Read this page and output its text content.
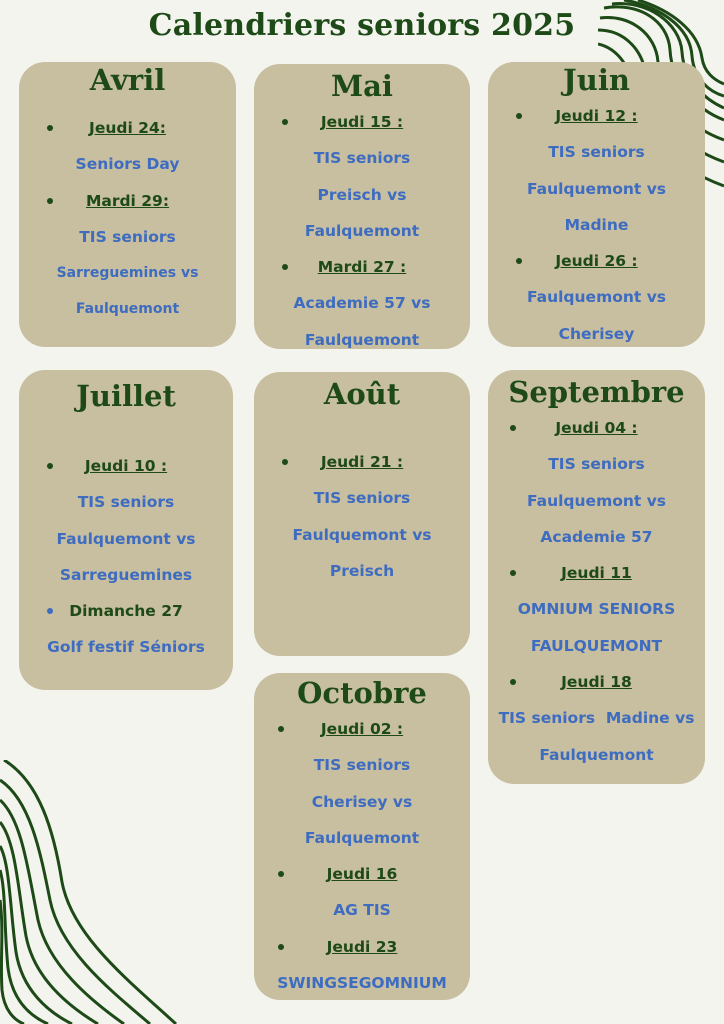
Calendriers seniors 2025
Avril
Jeudi 24:
Seniors Day
Mardi 29:
TIS seniors
Sarreguemines vs
Faulquemont
Mai
Jeudi 15 :
TIS seniors
Preisch vs
Faulquemont
Mardi 27 :
Academie 57 vs
Faulquemont
Juin
Jeudi 12 :
TIS seniors
Faulquemont vs
Madine
Jeudi 26 :
Faulquemont vs
Cherisey
Juillet
Jeudi 10 :
TIS seniors
Faulquemont vs
Sarreguemines
Dimanche 27
Golf festif Séniors
Août
Jeudi 21 :
TIS seniors
Faulquemont vs
Preisch
Septembre
Jeudi 04 :
TIS seniors
Faulquemont vs
Academie 57
Jeudi 11
OMNIUM SENIORS
FAULQUEMONT
Jeudi 18
TIS seniors  Madine vs
Faulquemont
Octobre
Jeudi 02 :
TIS seniors
Cherisey vs
Faulquemont
Jeudi 16
AG TIS
Jeudi 23
SWINGSEGOMNIUM
